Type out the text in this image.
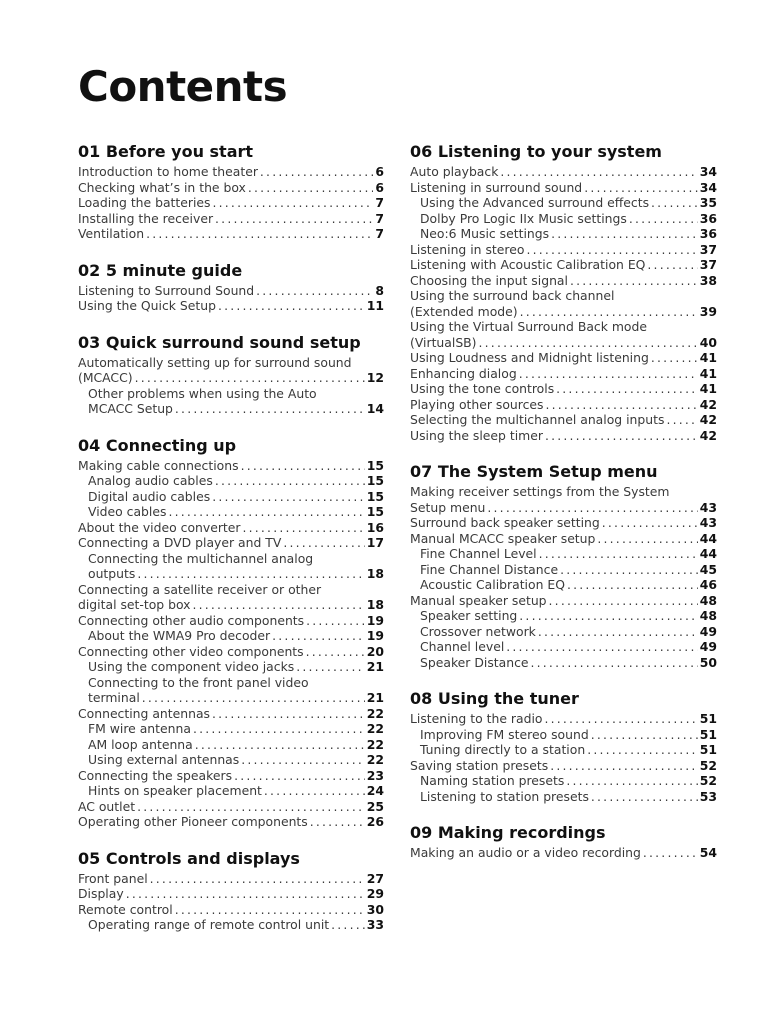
Contents
01 Before you start
Introduction to home theater .....	6
Checking what’s in the box .....	6
Loading the batteries .....	7
Installing the receiver .....	7
Ventilation .....	7
02 5 minute guide
Listening to Surround Sound .....	8
Using the Quick Setup .....	11
03 Quick surround sound setup
Automatically setting up for surround sound
(MCACC) .....	12
Other problems when using the Auto
MCACC Setup .....	14
04 Connecting up
Making cable connections .....	15
Analog audio cables .....	15
Digital audio cables .....	15
Video cables .....	15
About the video converter .....	16
Connecting a DVD player and TV .....	17
Connecting the multichannel analog
outputs .....	18
Connecting a satellite receiver or other
digital set-top box .....	18
Connecting other audio components .....	19
About the WMA9 Pro decoder .....	19
Connecting other video components .....	20
Using the component video jacks .....	21
Connecting to the front panel video
terminal .....	21
Connecting antennas .....	22
FM wire antenna .....	22
AM loop antenna .....	22
Using external antennas .....	22
Connecting the speakers .....	23
Hints on speaker placement .....	24
AC outlet .....	25
Operating other Pioneer components .....	26
05 Controls and displays
Front panel .....	27
Display .....	29
Remote control .....	30
Operating range of remote control unit .....	33
06 Listening to your system
Auto playback .....	34
Listening in surround sound .....	34
Using the Advanced surround effects .....	35
Dolby Pro Logic IIx Music settings .....	36
Neo:6 Music settings .....	36
Listening in stereo .....	37
Listening with Acoustic Calibration EQ .....	37
Choosing the input signal .....	38
Using the surround back channel
(Extended mode) .....	39
Using the Virtual Surround Back mode
(VirtualSB) .....	40
Using Loudness and Midnight listening .....	41
Enhancing dialog .....	41
Using the tone controls .....	41
Playing other sources .....	42
Selecting the multichannel analog inputs .....	42
Using the sleep timer .....	42
07 The System Setup menu
Making receiver settings from the System
Setup menu .....	43
Surround back speaker setting .....	43
Manual MCACC speaker setup .....	44
Fine Channel Level .....	44
Fine Channel Distance .....	45
Acoustic Calibration EQ .....	46
Manual speaker setup .....	48
Speaker setting .....	48
Crossover network .....	49
Channel level .....	49
Speaker Distance .....	50
08 Using the tuner
Listening to the radio .....	51
Improving FM stereo sound .....	51
Tuning directly to a station .....	51
Saving station presets .....	52
Naming station presets .....	52
Listening to station presets .....	53
09 Making recordings
Making an audio or a video recording .....	54
